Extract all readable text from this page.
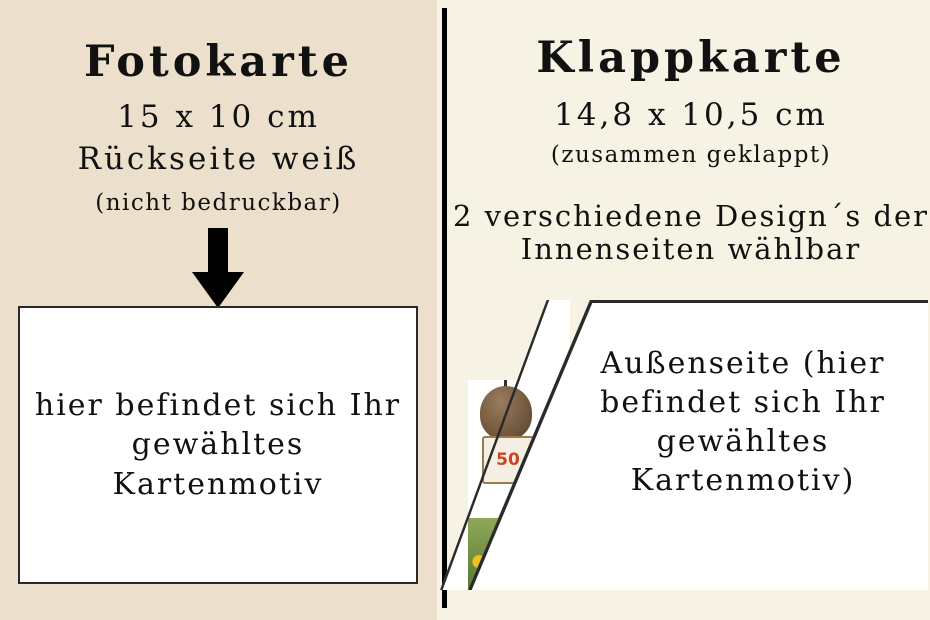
Fotokarte
15 x 10 cm
Rückseite weiß
(nicht bedruckbar)
hier befindet sich Ihr gewähltes Kartenmotiv
Klappkarte
14,8 x 10,5 cm
(zusammen geklappt)
2 verschiedene Design´s der Innenseiten wählbar
50
Außenseite (hier befindet sich Ihr gewähltes Kartenmotiv)
